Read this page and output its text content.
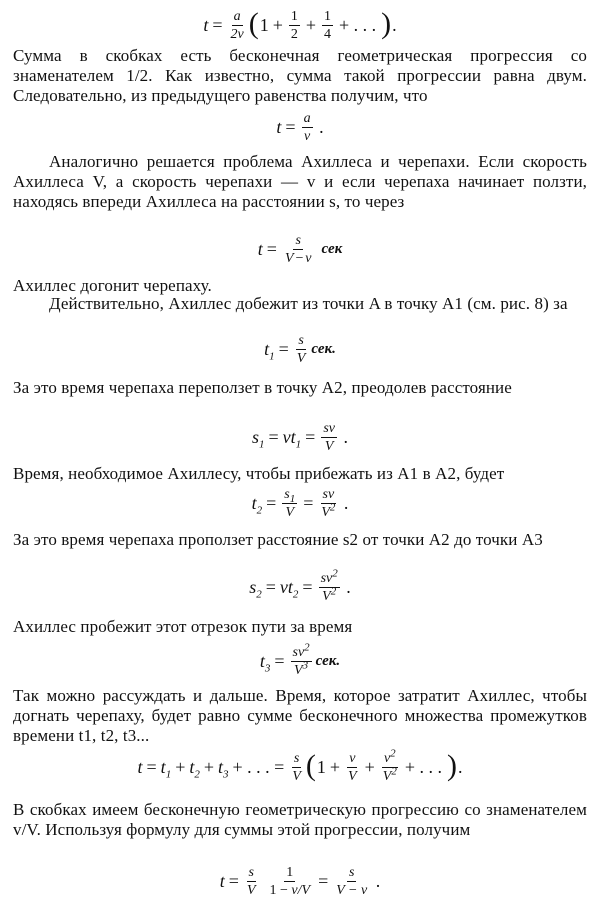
$t = \frac{a}{2v}$ ( $1 + \frac{1}{2} + \frac{1}{4}$ + . . . ) .

Сумма в скобках есть бесконечная геометрическая прогрессия со знаменателем 1/2. Как известно, сумма такой прогрессии равна двум. Следовательно, из предыдущего равенства получим, что

$t = \frac{a}{v}$ .

Аналогично решается проблема Ахиллеса и черепахи. Если скорость Ахиллеса V, а скорость черепахи — v и если черепаха начинает ползти, находясь впереди Ахиллеса на расстоянии s, то через

$t = \frac{s}{V - v}$ сек

Ахиллес догонит черепаху.

Действительно, Ахиллес добежит из точки A в точку A1 (см. рис. 8) за

$t_1 = \frac{s}{V}$ сек.

За это время черепаха переползет в точку A2, преодолев расстояние

$s_1 = vt_1 = \frac{sv}{V}$ .

Время, необходимое Ахиллесу, чтобы прибежать из A1 в A2, будет

$t_2 = \frac{s_1}{V} = \frac{sv}{V^2}$ .

За это время черепаха проползет расстояние s2 от точки A2 до точки A3

$s_2 = vt_2 = \frac{sv^2}{V^2}$ .

Ахиллес пробежит этот отрезок пути за время

$t_3 = \frac{sv^2}{V^3}$ сек.

Так можно рассуждать и дальше. Время, которое затратит Ахиллес, чтобы догнать черепаху, будет равно сумме бесконечного множества промежутков времени t1, t2, t3...

$t = t_1 + t_2 + t_3$ + . . . = $\frac{s}{V}$ ( $1 + \frac{v}{V} + \frac{v^2}{V^2}$ + . . . ) .

В скобках имеем бесконечную геометрическую прогрессию со знаменателем v/V. Используя формулу для суммы этой прогрессии, получим

$t = \frac{s}{V} \frac{1}{1 - v/V} = \frac{s}{V - v}$ .
